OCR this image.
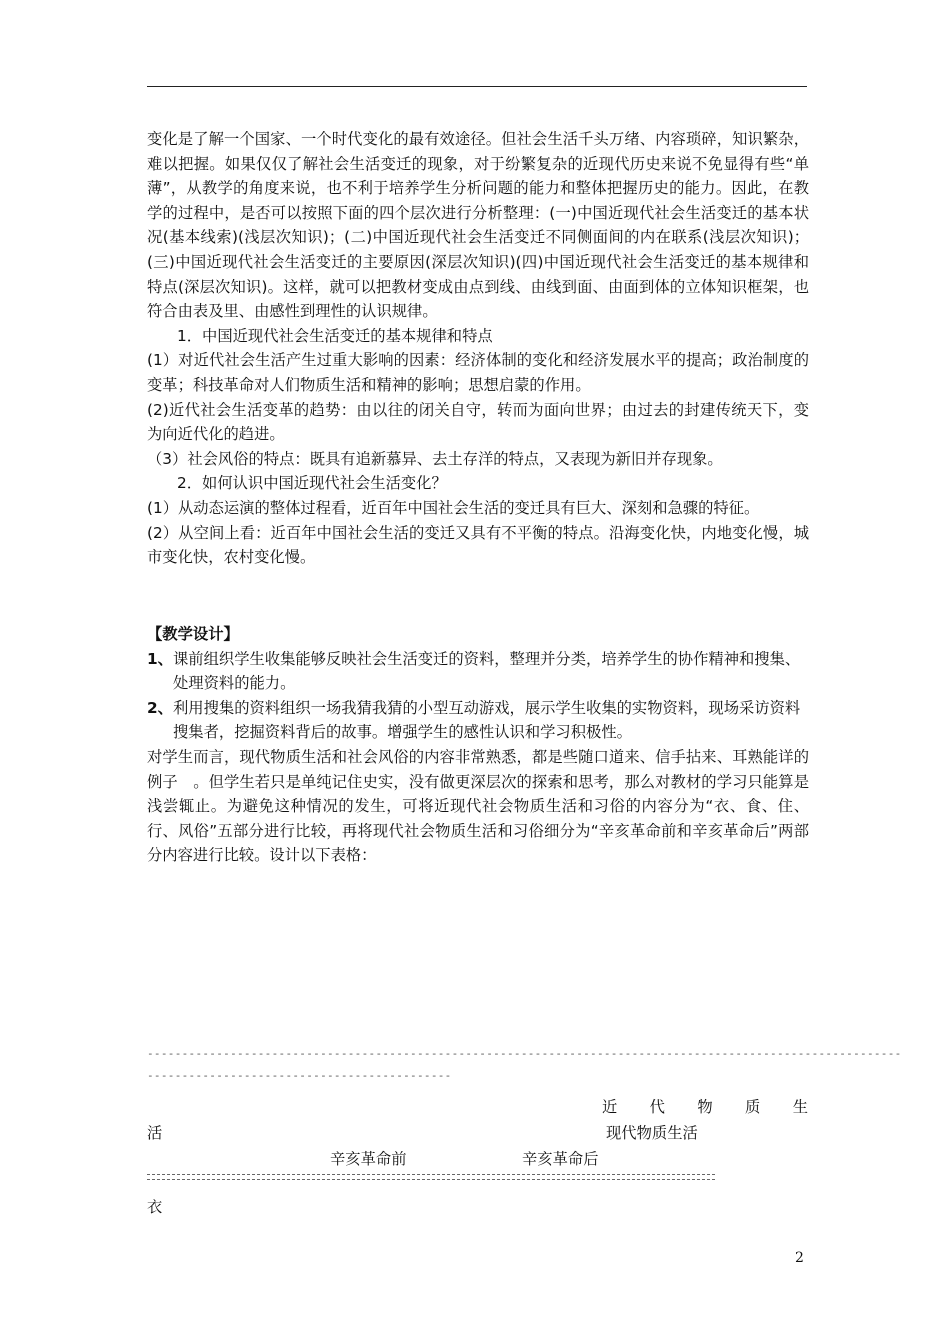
变化是了解一个国家、一个时代变化的最有效途径。但社会生活千头万绪、内容琐碎，知识繁杂，难以把握。如果仅仅了解社会生活变迁的现象，对于纷繁复杂的近现代历史来说不免显得有些“单薄”，从教学的角度来说，也不利于培养学生分析问题的能力和整体把握历史的能力。因此，在教学的过程中，是否可以按照下面的四个层次进行分析整理：(一)中国近现代社会生活变迁的基本状况(基本线索)(浅层次知识)；(二)中国近现代社会生活变迁不同侧面间的内在联系(浅层次知识)；(三)中国近现代社会生活变迁的主要原因(深层次知识)(四)中国近现代社会生活变迁的基本规律和特点(深层次知识)。这样，就可以把教材变成由点到线、由线到面、由面到体的立体知识框架，也符合由表及里、由感性到理性的认识规律。

1．中国近现代社会生活变迁的基本规律和特点

(1）对近代社会生活产生过重大影响的因素：经济体制的变化和经济发展水平的提高；政治制度的变革；科技革命对人们物质生活和精神的影响；思想启蒙的作用。

(2)近代社会生活变革的趋势：由以往的闭关自守，转而为面向世界；由过去的封建传统天下，变为向近代化的趋进。

（3）社会风俗的特点：既具有追新慕异、去土存洋的特点，又表现为新旧并存现象。

2．如何认识中国近现代社会生活变化？

(1）从动态运演的整体过程看，近百年中国社会生活的变迁具有巨大、深刻和急骤的特征。

(2）从空间上看：近百年中国社会生活的变迁又具有不平衡的特点。沿海变化快，内地变化慢，城市变化快，农村变化慢。

【教学设计】

1、 课前组织学生收集能够反映社会生活变迁的资料，整理并分类，培养学生的协作精神和搜集、处理资料的能力。
2、 利用搜集的资料组织一场我猜我猜的小型互动游戏，展示学生收集的实物资料，现场采访资料搜集者，挖掘资料背后的故事。增强学生的感性认识和学习积极性。

对学生而言，现代物质生活和社会风俗的内容非常熟悉，都是些随口道来、信手拈来、耳熟能详的例子　。但学生若只是单纯记住史实，没有做更深层次的探索和思考，那么对教材的学习只能算是浅尝辄止。为避免这种情况的发生，可将近现代社会物质生活和习俗的内容分为“衣、食、住、行、风俗”五部分进行比较，再将现代社会物质生活和习俗细分为“辛亥革命前和辛亥革命后”两部分内容进行比较。设计以下表格：

-------------------------------------------------------------------------------------------------------------
--------------------------------------------
近 代 物 质 生
活	现代物质生活
辛亥革命前	辛亥革命后
衣
2
